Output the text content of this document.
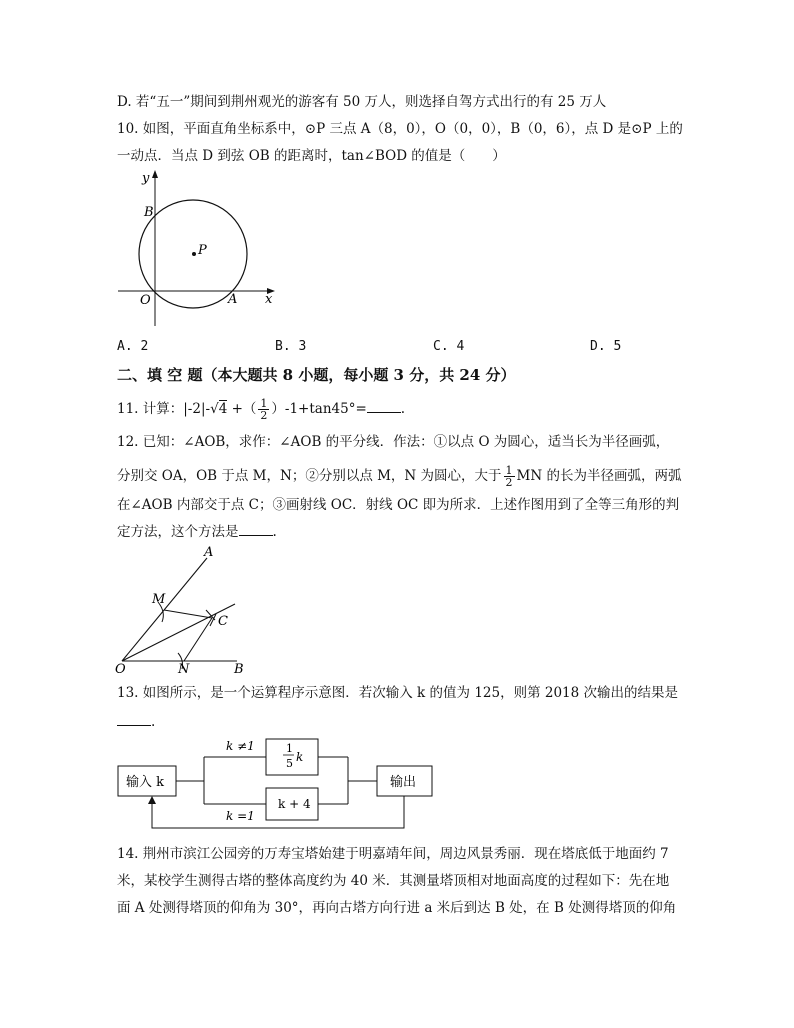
D. 若“五一”期间到荆州观光的游客有 50 万人，则选择自驾方式出行的有 25 万人
10. 如图，平面直角坐标系中，⊙P 三点 A（8，0），O（0，0），B（0，6），点 D 是⊙P 上的
一动点．当点 D 到弦 OB 的距离时，tan∠BOD 的值是（　　）
y
x
B
O	A
P
A. 2	B. 3	C. 4	D. 5
二、填 空 题（本大题共 8 小题，每小题 3 分，共 24 分）
11. 计算：|-2|-√4 +（ $\frac{1}{2} )-1+\tan 45^\circ=$	.
12. 已知：∠AOB，求作：∠AOB 的平分线．作法：①以点 O 为圆心，适当长为半径画弧，
分别交 OA，OB 于点 M，N；②分别以点 M，N 为圆心，大于 $\frac{1}{2}$ MN 的长为半径画弧，两弧
在∠AOB 内部交于点 C；③画射线 OC．射线 OC 即为所求．上述作图用到了全等三角形的判
定方法，这个方法是	.
A
M
C
O	N	B
13. 如图所示，是一个运算程序示意图．若次输入 k 的值为 125，则第 2018 次输出的结果是
.
输入 k	输出
1
5 k
k + 4
k ≠1
k =1
14. 荆州市滨江公园旁的万寿宝塔始建于明嘉靖年间，周边风景秀丽．现在塔底低于地面约 7
米，某校学生测得古塔的整体高度约为 40 米．其测量塔顶相对地面高度的过程如下：先在地
面 A 处测得塔顶的仰角为 30°，再向古塔方向行进 a 米后到达 B 处，在 B 处测得塔顶的仰角
